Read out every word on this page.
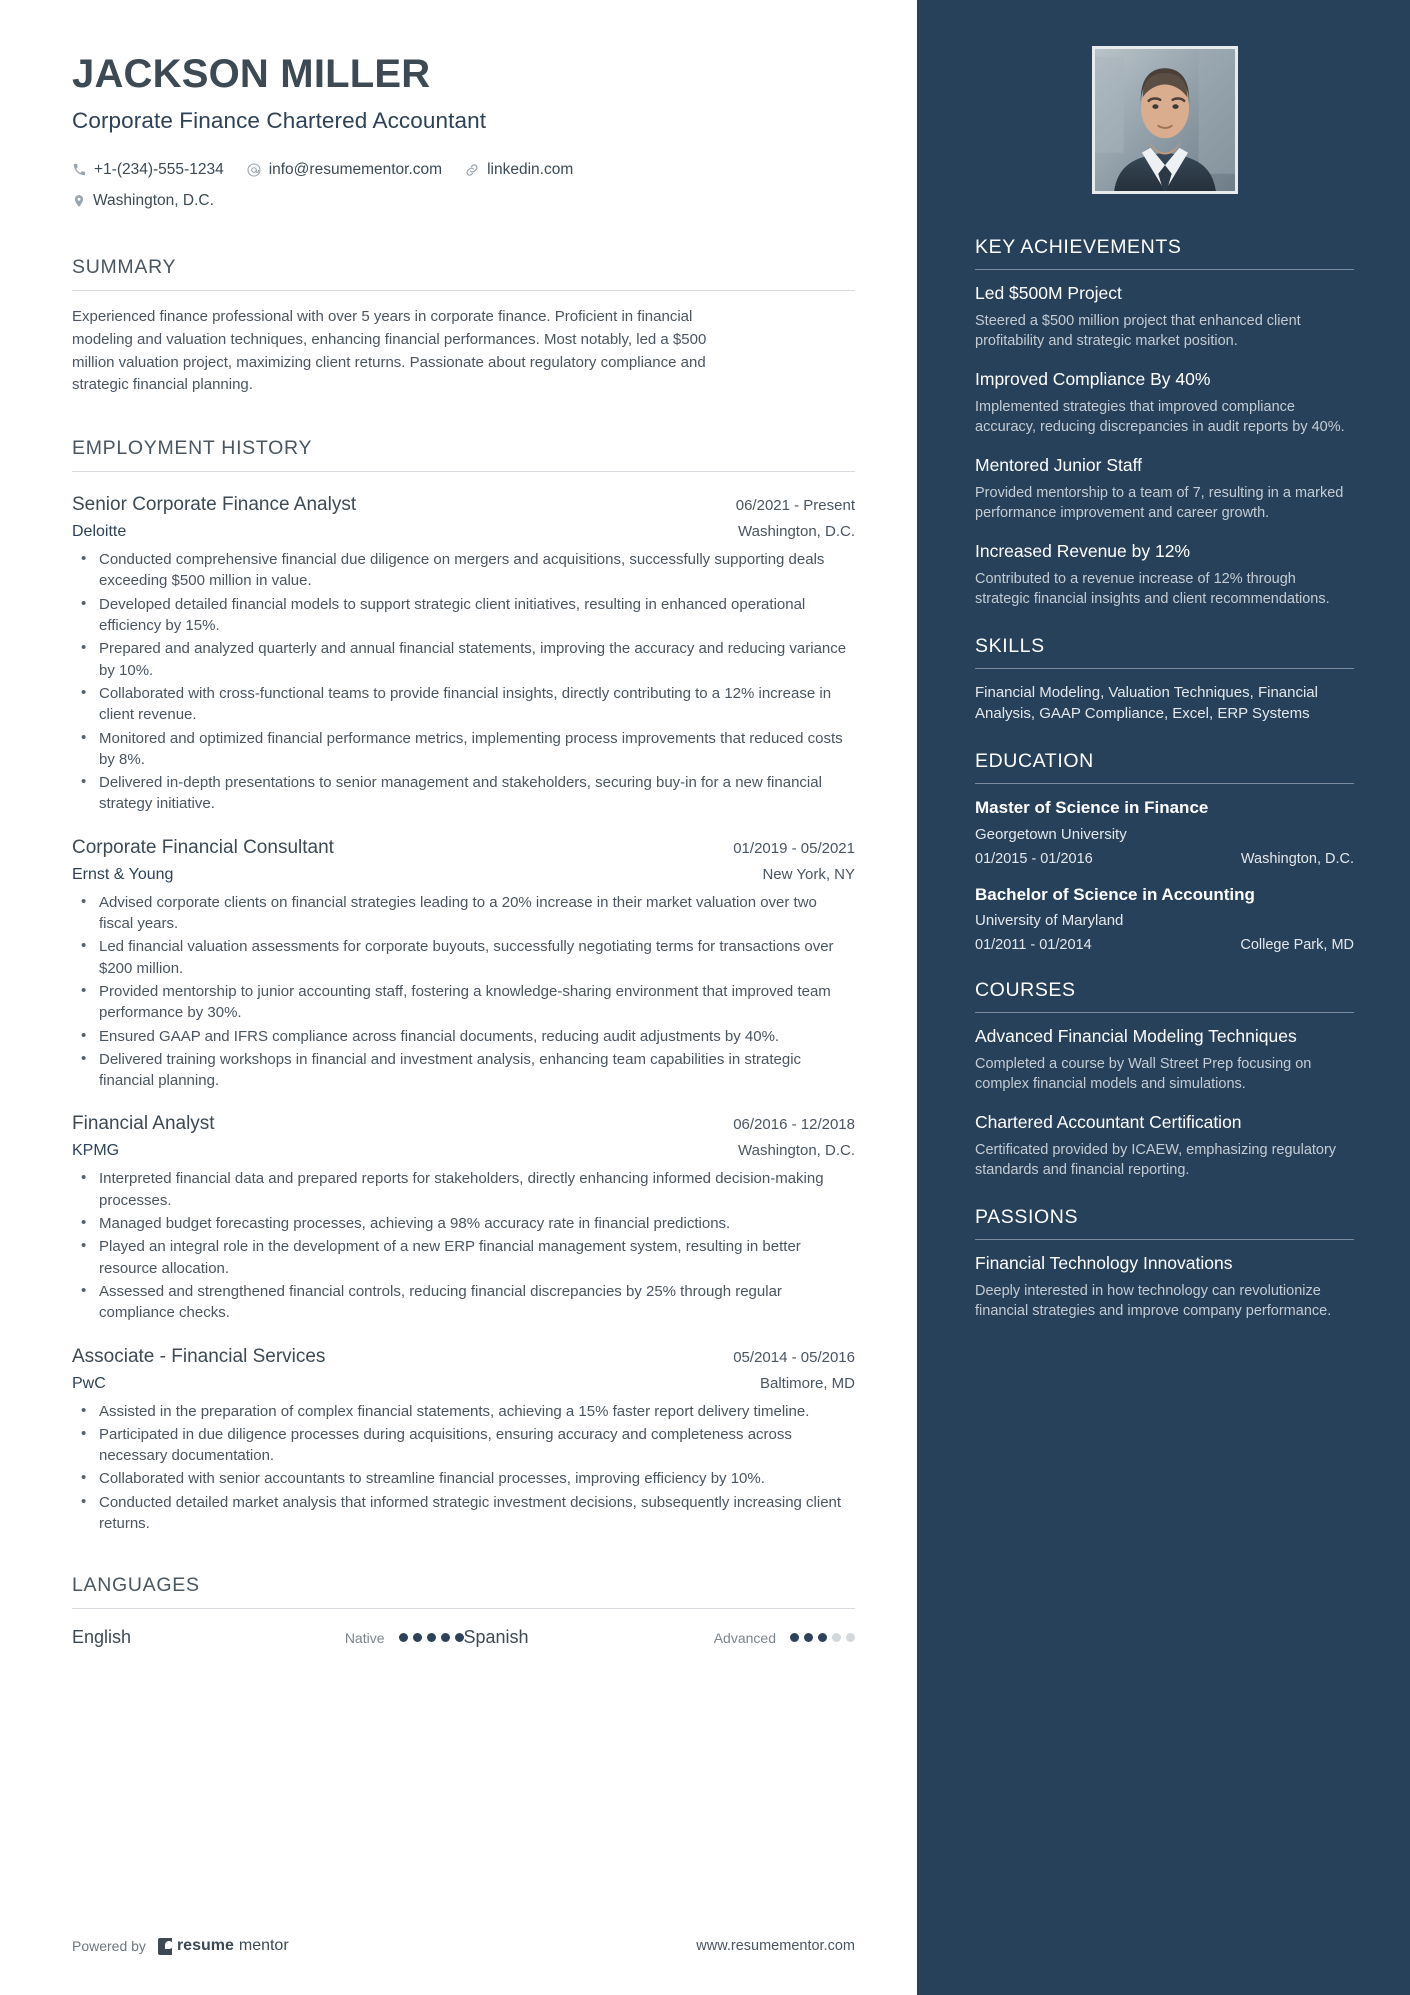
JACKSON MILLER
Corporate Finance Chartered Accountant
+1-(234)-555-1234	info@resumementor.com	linkedin.com
Washington, D.C.
SUMMARY
Experienced finance professional with over 5 years in corporate finance. Proficient in financial modeling and valuation techniques, enhancing financial performances. Most notably, led a $500 million valuation project, maximizing client returns. Passionate about regulatory compliance and strategic financial planning.
EMPLOYMENT HISTORY
Senior Corporate Finance Analyst	06/2021 - Present
Deloitte	Washington, D.C.
• Conducted comprehensive financial due diligence on mergers and acquisitions, successfully supporting deals exceeding $500 million in value.
• Developed detailed financial models to support strategic client initiatives, resulting in enhanced operational efficiency by 15%.
• Prepared and analyzed quarterly and annual financial statements, improving the accuracy and reducing variance by 10%.
• Collaborated with cross-functional teams to provide financial insights, directly contributing to a 12% increase in client revenue.
• Monitored and optimized financial performance metrics, implementing process improvements that reduced costs by 8%.
• Delivered in-depth presentations to senior management and stakeholders, securing buy-in for a new financial strategy initiative.
Corporate Financial Consultant	01/2019 - 05/2021
Ernst & Young	New York, NY
• Advised corporate clients on financial strategies leading to a 20% increase in their market valuation over two fiscal years.
• Led financial valuation assessments for corporate buyouts, successfully negotiating terms for transactions over $200 million.
• Provided mentorship to junior accounting staff, fostering a knowledge-sharing environment that improved team performance by 30%.
• Ensured GAAP and IFRS compliance across financial documents, reducing audit adjustments by 40%.
• Delivered training workshops in financial and investment analysis, enhancing team capabilities in strategic financial planning.
Financial Analyst	06/2016 - 12/2018
KPMG	Washington, D.C.
• Interpreted financial data and prepared reports for stakeholders, directly enhancing informed decision-making processes.
• Managed budget forecasting processes, achieving a 98% accuracy rate in financial predictions.
• Played an integral role in the development of a new ERP financial management system, resulting in better resource allocation.
• Assessed and strengthened financial controls, reducing financial discrepancies by 25% through regular compliance checks.
Associate - Financial Services	05/2014 - 05/2016
PwC	Baltimore, MD
• Assisted in the preparation of complex financial statements, achieving a 15% faster report delivery timeline.
• Participated in due diligence processes during acquisitions, ensuring accuracy and completeness across necessary documentation.
• Collaborated with senior accountants to streamline financial processes, improving efficiency by 10%.
• Conducted detailed market analysis that informed strategic investment decisions, subsequently increasing client returns.
LANGUAGES
English	Native	Spanish	Advanced
Powered by resume mentor	www.resumementor.com
KEY ACHIEVEMENTS
Led $500M Project
Steered a $500 million project that enhanced client profitability and strategic market position.
Improved Compliance By 40%
Implemented strategies that improved compliance accuracy, reducing discrepancies in audit reports by 40%.
Mentored Junior Staff
Provided mentorship to a team of 7, resulting in a marked performance improvement and career growth.
Increased Revenue by 12%
Contributed to a revenue increase of 12% through strategic financial insights and client recommendations.
SKILLS
Financial Modeling, Valuation Techniques, Financial Analysis, GAAP Compliance, Excel, ERP Systems
EDUCATION
Master of Science in Finance
Georgetown University
01/2015 - 01/2016	Washington, D.C.
Bachelor of Science in Accounting
University of Maryland
01/2011 - 01/2014	College Park, MD
COURSES
Advanced Financial Modeling Techniques
Completed a course by Wall Street Prep focusing on complex financial models and simulations.
Chartered Accountant Certification
Certificated provided by ICAEW, emphasizing regulatory standards and financial reporting.
PASSIONS
Financial Technology Innovations
Deeply interested in how technology can revolutionize financial strategies and improve company performance.
